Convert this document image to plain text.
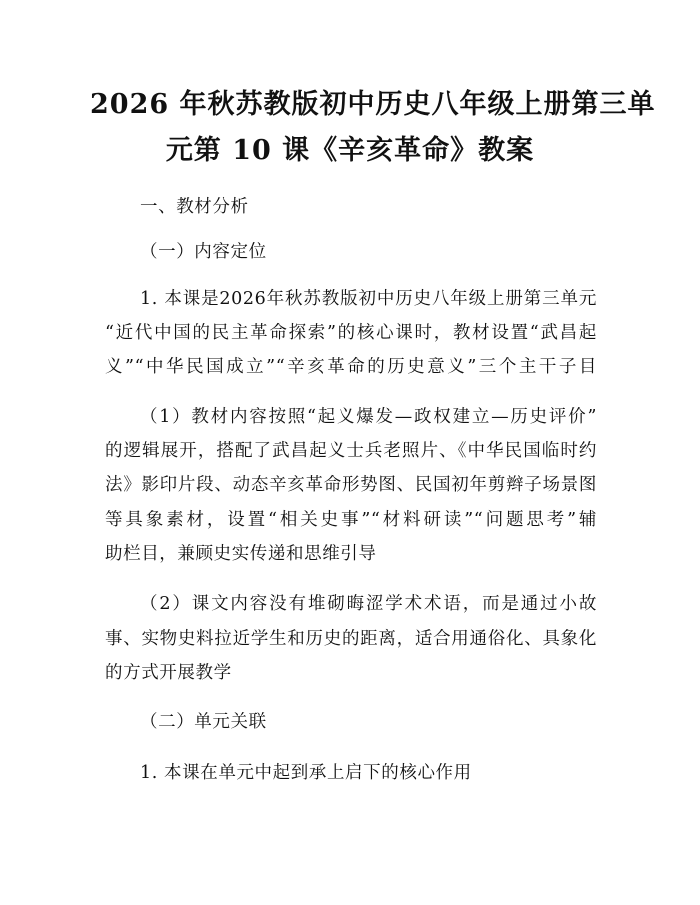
2026 年秋苏教版初中历史八年级上册第三单
元第 10 课《辛亥革命》教案
一、教材分析
（一）内容定位
1. 本课是2026年秋苏教版初中历史八年级上册第三单元
“近代中国的民主革命探索”的核心课时，教材设置“武昌起
义”“中华民国成立”“辛亥革命的历史意义”三个主干子目
（1）教材内容按照“起义爆发—政权建立—历史评价”
的逻辑展开，搭配了武昌起义士兵老照片、《中华民国临时约
法》影印片段、动态辛亥革命形势图、民国初年剪辫子场景图
等具象素材，设置“相关史事”“材料研读”“问题思考”辅
助栏目，兼顾史实传递和思维引导
（2）课文内容没有堆砌晦涩学术术语，而是通过小故
事、实物史料拉近学生和历史的距离，适合用通俗化、具象化
的方式开展教学
（二）单元关联
1. 本课在单元中起到承上启下的核心作用
